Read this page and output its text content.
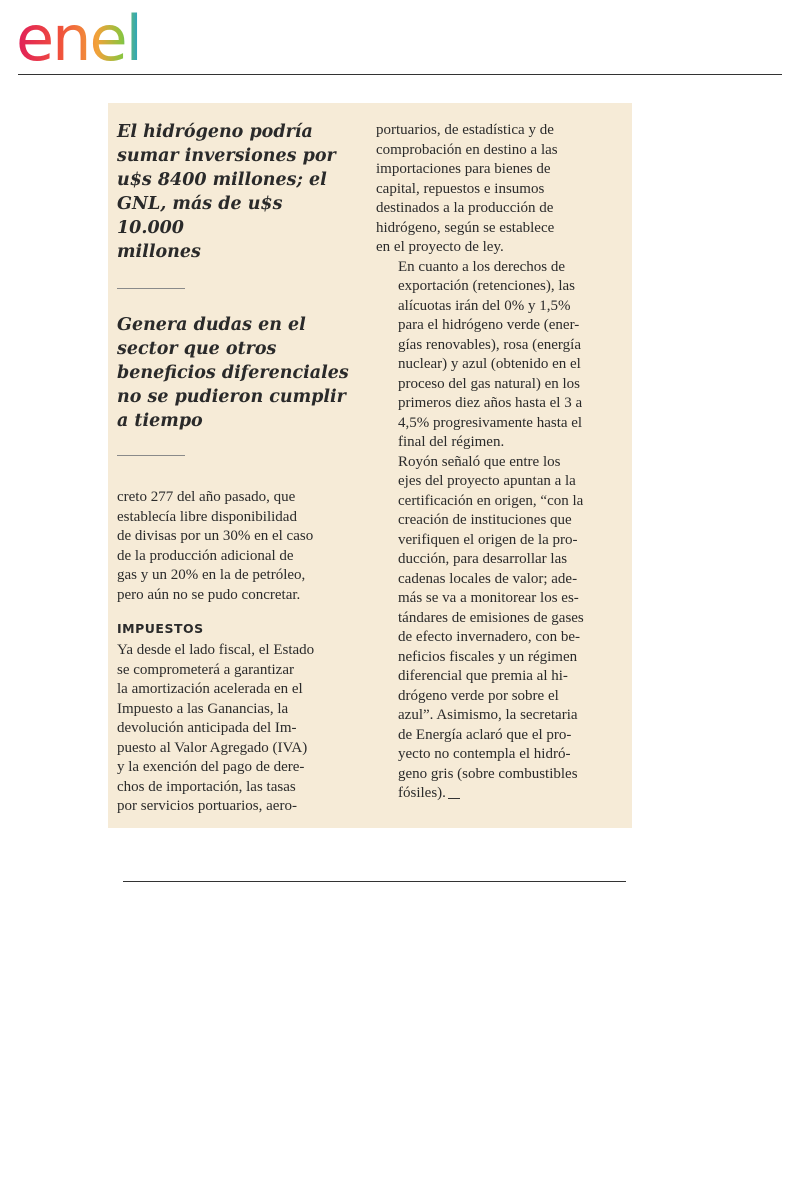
enel
El hidrógeno podría
sumar inversiones por
u$s 8400 millones; el
GNL, más de u$s 10.000
millones
Genera dudas en el
sector que otros
beneficios diferenciales
no se pudieron cumplir
a tiempo
creto 277 del año pasado, que
establecía libre disponibilidad
de divisas por un 30% en el caso
de la producción adicional de
gas y un 20% en la de petróleo,
pero aún no se pudo concretar.
IMPUESTOS
Ya desde el lado fiscal, el Estado
se comprometerá a garantizar
la amortización acelerada en el
Impuesto a las Ganancias, la
devolución anticipada del Im-
puesto al Valor Agregado (IVA)
y la exención del pago de dere-
chos de importación, las tasas
por servicios portuarios, aero-
portuarios, de estadística y de
comprobación en destino a las
importaciones para bienes de
capital, repuestos e insumos
destinados a la producción de
hidrógeno, según se establece
en el proyecto de ley.
En cuanto a los derechos de
exportación (retenciones), las
alícuotas irán del 0% y 1,5%
para el hidrógeno verde (ener-
gías renovables), rosa (energía
nuclear) y azul (obtenido en el
proceso del gas natural) en los
primeros diez años hasta el 3 a
4,5% progresivamente hasta el
final del régimen.
Royón señaló que entre los
ejes del proyecto apuntan a la
certificación en origen, “con la
creación de instituciones que
verifiquen el origen de la pro-
ducción, para desarrollar las
cadenas locales de valor; ade-
más se va a monitorear los es-
tándares de emisiones de gases
de efecto invernadero, con be-
neficios fiscales y un régimen
diferencial que premia al hi-
drógeno verde por sobre el
azul”. Asimismo, la secretaria
de Energía aclaró que el pro-
yecto no contempla el hidró-
geno gris (sobre combustibles
fósiles).
